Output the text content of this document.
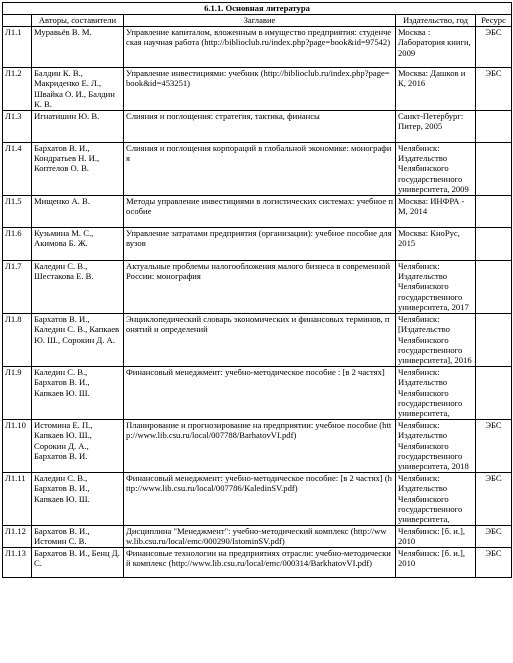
6.1.1. Основная литература				
	Авторы, составители	Заглавие	Издательство, год	Ресурс
Л1.1	Муравьёв В. М.	Управление капиталом, вложенным в имущество предприятия: студенческая научная работа (http://biblioclub.ru/index.php?page=book&id=97542)	Москва : Лаборатория книги, 2009	ЭБС
Л1.2	Балдин К. В., Макриденко Е. Л., Швайка О. И., Балдин К. В.	Управление инвестициями: учебник (http://biblioclub.ru/index.php?page=book&id=453251)	Москва: Дашков и К, 2016	ЭБС
Л1.3	Игнатишин Ю. В.	Слияния и поглощения: стратегия, тактика, финансы	Санкт-Петербург: Питер, 2005	
Л1.4	Бархатов В. И., Кондратьев Н. И., Коптелов О. В.	Слияния и поглощения корпораций в глобальной экономике: монография	Челябинск: Издательство Челябинского государственного университета, 2009	
Л1.5	Мищенко А. В.	Методы управление инвестициями в логистических системах: учебное пособие	Москва: ИНФРА - М, 2014	
Л1.6	Кузьмина М. С., Акимова Б. Ж.	Управление затратами предприятия (организации): учебное пособие для вузов	Москва: КноРус, 2015	
Л1.7	Каледин С. В., Шестакова Е. В.	Актуальные проблемы налогообложения малого бизнеса в современной России: монография	Челябинск: Издательство Челябинского государственного университета, 2017	
Л1.8	Бархатов В. И., Каледин С. В., Капкаев Ю. Ш., Сорокин Д. А.	Энциклопедический словарь экономических и финансовых терминов, понятий и определений	Челябинск: [Издательство Челябинского государственного университета], 2016	
Л1.9	Каледин С. В., Бархатов В. И., Капкаев Ю. Ш.	Финансовый менеджмент: учебно-методическое пособие : [в 2 частях]	Челябинск: Издательство Челябинского государственного университета,	
Л1.10	Истомина Е. П., Капкаев Ю. Ш., Сорокин Д. А., Бархатов В. И.	Планирование и прогнозирование на предприятии: учебное пособие (http://www.lib.csu.ru/local/007788/BarhatovVI.pdf)	Челябинск: Издательство Челябинского государственного университета, 2018	ЭБС
Л1.11	Каледин С. В., Бархатов В. И., Капкаев Ю. Ш.	Финансовый менеджмент: учебно-методическое пособие: [в 2 частях] (http://www.lib.csu.ru/local/007786/KaledinSV.pdf)	Челябинск: Издательство Челябинского государственного университета,	ЭБС
Л1.12	Бархатов В. И., Истомин С. В.	Дисциплина "Менеджмент": учебно-методический комплекс (http://www.lib.csu.ru/local/emc/000290/IstominSV.pdf)	Челябинск: [б. и.], 2010	ЭБС
Л1.13	Бархатов В. И., Бенц Д. С.	Финансовые технологии на предприятиях отрасли: учебно-методический комплекс (http://www.lib.csu.ru/local/emc/000314/BarkhatovVI.pdf)	Челябинск: [б. и.], 2010	ЭБС
